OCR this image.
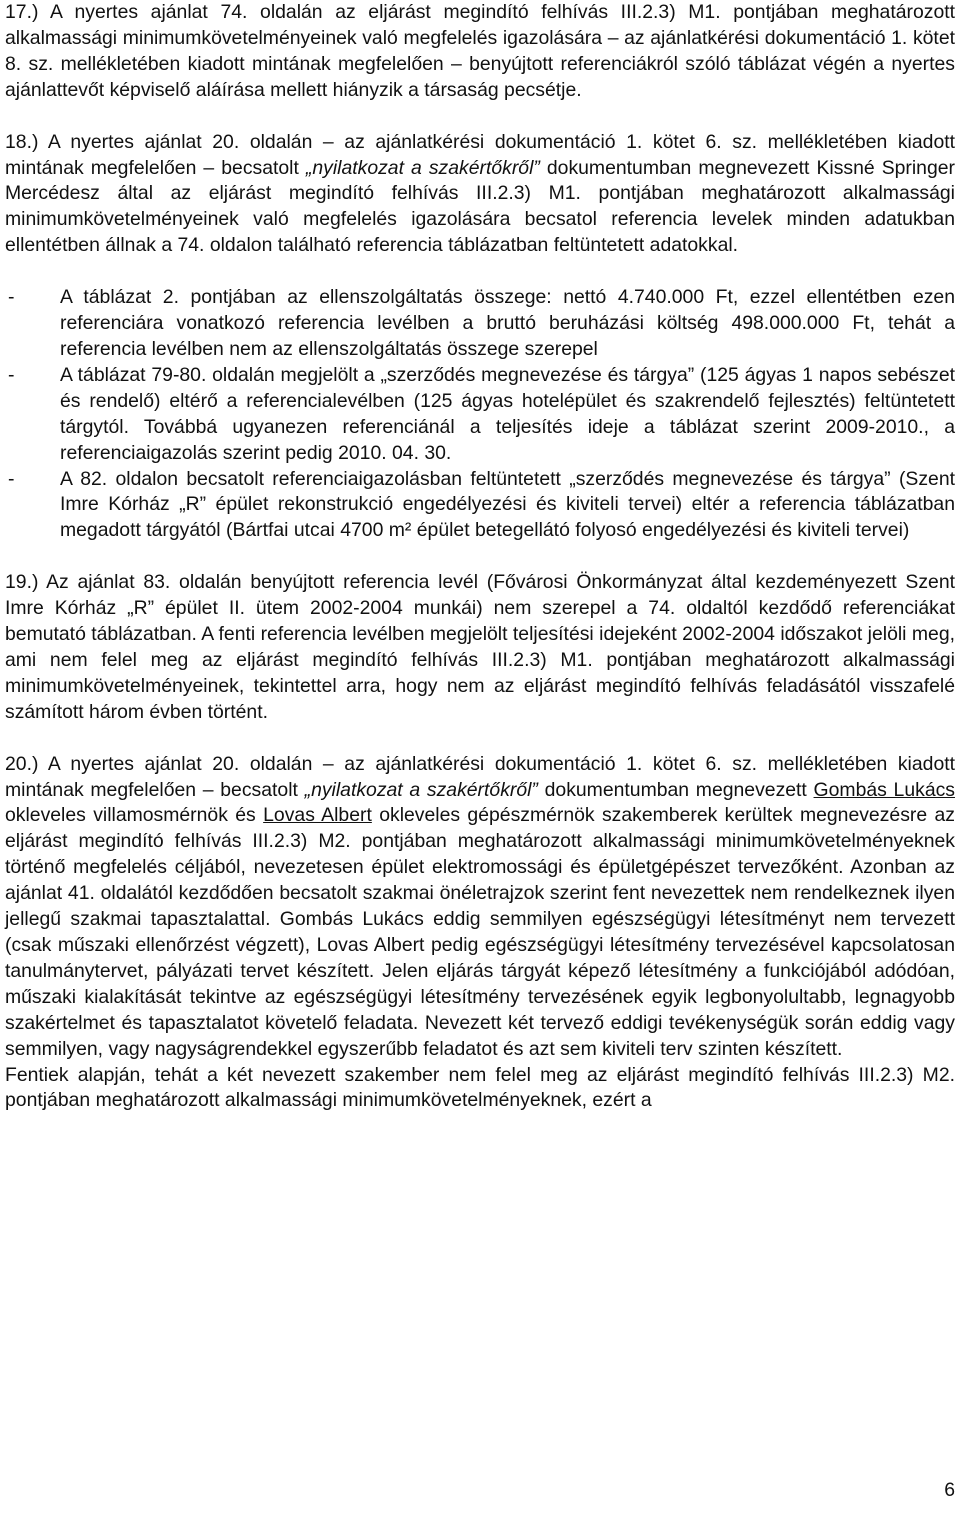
17.) A nyertes ajánlat 74. oldalán az eljárást megindító felhívás III.2.3) M1. pontjában meghatározott alkalmassági minimumkövetelményeinek való megfelelés igazolására – az ajánlatkérési dokumentáció 1. kötet 8. sz. mellékletében kiadott mintának megfelelően – benyújtott referenciákról szóló táblázat végén a nyertes ajánlattevőt képviselő aláírása mellett hiányzik a társaság pecsétje.

18.) A nyertes ajánlat 20. oldalán – az ajánlatkérési dokumentáció 1. kötet 6. sz. mellékletében kiadott mintának megfelelően – becsatolt „nyilatkozat a szakértőkről” dokumentumban megnevezett Kissné Springer Mercédesz által az eljárást megindító felhívás III.2.3) M1. pontjában meghatározott alkalmassági minimumkövetelményeinek való megfelelés igazolására becsatol referencia levelek minden adatukban ellentétben állnak a 74. oldalon található referencia táblázatban feltüntetett adatokkal.

-
A táblázat 2. pontjában az ellenszolgáltatás összege: nettó 4.740.000 Ft, ezzel ellentétben ezen referenciára vonatkozó referencia levélben a bruttó beruházási költség 498.000.000 Ft, tehát a referencia levélben nem az ellenszolgáltatás összege szerepel

-
A táblázat 79-80. oldalán megjelölt a „szerződés megnevezése és tárgya” (125 ágyas 1 napos sebészet és rendelő) eltérő a referencialevélben (125 ágyas hotelépület és szakrendelő fejlesztés) feltüntetett tárgytól. Továbbá ugyanezen referenciánál a teljesítés ideje a táblázat szerint 2009-2010., a referenciaigazolás szerint pedig 2010. 04. 30.

-
A 82. oldalon becsatolt referenciaigazolásban feltüntetett „szerződés megnevezése és tárgya” (Szent Imre Kórház „R” épület rekonstrukció engedélyezési és kiviteli tervei) eltér a referencia táblázatban megadott tárgyától (Bártfai utcai 4700 m² épület betegellátó folyosó engedélyezési és kiviteli tervei)

19.) Az ajánlat 83. oldalán benyújtott referencia levél (Fővárosi Önkormányzat által kezdeményezett Szent Imre Kórház „R” épület II. ütem 2002-2004 munkái) nem szerepel a 74. oldaltól kezdődő referenciákat bemutató táblázatban. A fenti referencia levélben megjelölt teljesítési idejeként 2002-2004 időszakot jelöli meg, ami nem felel meg az eljárást megindító felhívás III.2.3) M1. pontjában meghatározott alkalmassági minimumkövetelményeinek, tekintettel arra, hogy nem az eljárást megindító felhívás feladásától visszafelé számított három évben történt.

20.) A nyertes ajánlat 20. oldalán – az ajánlatkérési dokumentáció 1. kötet 6. sz. mellékletében kiadott mintának megfelelően – becsatolt „nyilatkozat a szakértőkről” dokumentumban megnevezett Gombás Lukács okleveles villamosmérnök és Lovas Albert okleveles gépészmérnök szakemberek kerültek megnevezésre az eljárást megindító felhívás III.2.3) M2. pontjában meghatározott alkalmassági minimumkövetelményeknek történő megfelelés céljából, nevezetesen épület elektromossági és épületgépészet tervezőként. Azonban az ajánlat 41. oldalától kezdődően becsatolt szakmai önéletrajzok szerint fent nevezettek nem rendelkeznek ilyen jellegű szakmai tapasztalattal. Gombás Lukács eddig semmilyen egészségügyi létesítményt nem tervezett (csak műszaki ellenőrzést végzett), Lovas Albert pedig egészségügyi létesítmény tervezésével kapcsolatosan tanulmánytervet, pályázati tervet készített. Jelen eljárás tárgyát képező létesítmény a funkciójából adódóan, műszaki kialakítását tekintve az egészségügyi létesítmény tervezésének egyik legbonyolultabb, legnagyobb szakértelmet és tapasztalatot követelő feladata. Nevezett két tervező eddigi tevékenységük során eddig vagy semmilyen, vagy nagyságrendekkel egyszerűbb feladatot és azt sem kiviteli terv szinten készített.

Fentiek alapján, tehát a két nevezett szakember nem felel meg az eljárást megindító felhívás III.2.3) M2. pontjában meghatározott alkalmassági minimumkövetelményeknek, ezért a

6
